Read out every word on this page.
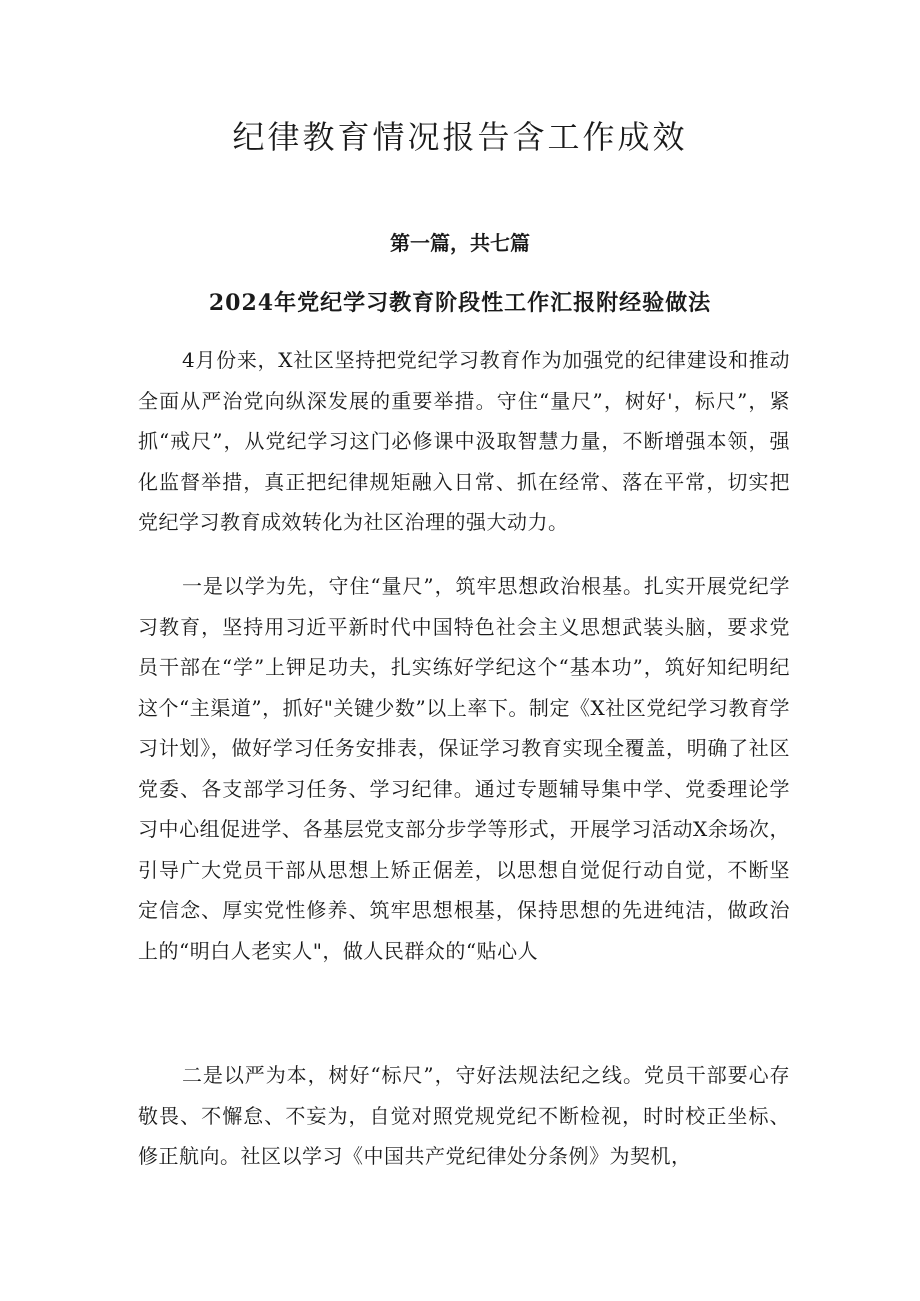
纪律教育情况报告含工作成效
第一篇，共七篇
2024年党纪学习教育阶段性工作汇报附经验做法

4月份来，X社区坚持把党纪学习教育作为加强党的纪律建设和推动全面从严治党向纵深发展的重要举措。守住“量尺”，树好'，标尺”，紧抓“戒尺”，从党纪学习这门必修课中汲取智慧力量，不断增强本领，强化监督举措，真正把纪律规矩融入日常、抓在经常、落在平常，切实把党纪学习教育成效转化为社区治理的强大动力。

一是以学为先，守住“量尺”，筑牢思想政治根基。扎实开展党纪学习教育，坚持用习近平新时代中国特色社会主义思想武装头脑，要求党员干部在“学”上钾足功夫，扎实练好学纪这个“基本功”，筑好知纪明纪这个“主渠道”，抓好"关键少数”以上率下。制定《X社区党纪学习教育学习计划》，做好学习任务安排表，保证学习教育实现全覆盖，明确了社区党委、各支部学习任务、学习纪律。通过专题辅导集中学、党委理论学习中心组促进学、各基层党支部分步学等形式，开展学习活动X余场次，引导广大党员干部从思想上矫正倨差，以思想自觉促行动自觉，不断坚定信念、厚实党性修养、筑牢思想根基，保持思想的先进纯洁，做政治上的“明白人老实人"，做人民群众的“贴心人

二是以严为本，树好“标尺”，守好法规法纪之线。党员干部要心存敬畏、不懈怠、不妄为，自觉对照党规党纪不断检视，时时校正坐标、修正航向。社区以学习《中国共产党纪律处分条例》为契机，
